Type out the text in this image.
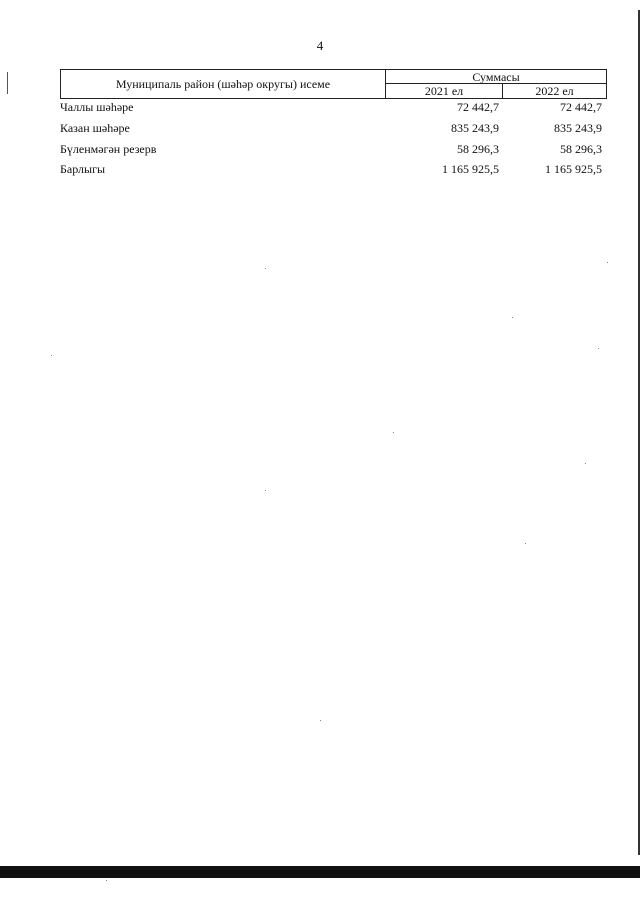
4
Муниципаль район (шәһәр округы) исеме	Суммасы
2021 ел	2022 ел
Чаллы шәһәре	72 442,7	72 442,7
Казан шәһәре	835 243,9	835 243,9
Бүленмәгән резерв	58 296,3	58 296,3
Барлыгы	1 165 925,5	1 165 925,5
